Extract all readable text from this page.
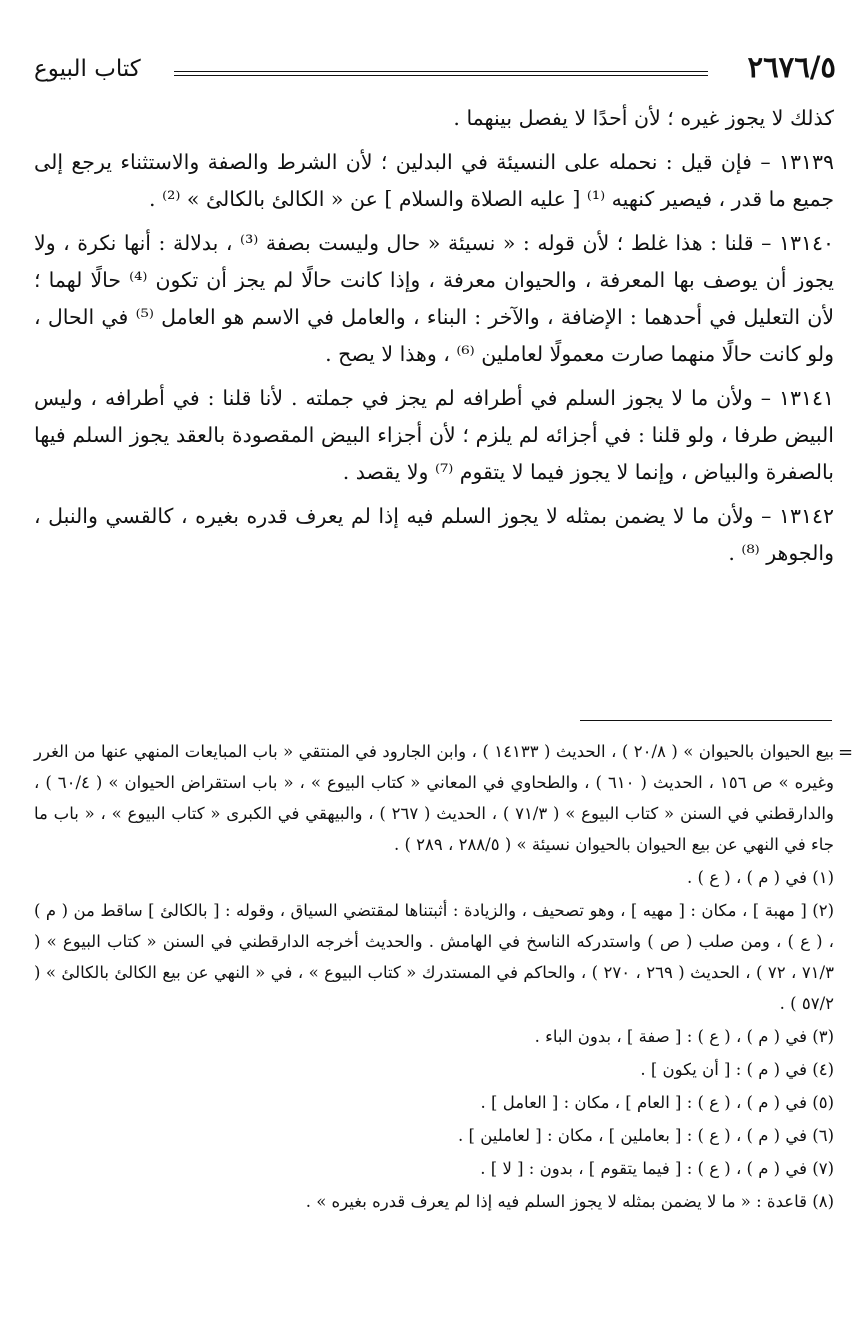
٢٦٧٦/٥
كتاب البيوع

كذلك لا يجوز غيره ؛ لأن أحدًا لا يفصل بينهما .

١٣١٣٩ – فإن قيل : نحمله على النسيئة في البدلين ؛ لأن الشرط والصفة والاستثناء يرجع إلى جميع ما قدر ، فيصير كنهيه ⁽¹⁾ [ عليه الصلاة والسلام ] عن « الكالئ بالكالئ » ⁽²⁾ .

١٣١٤٠ – قلنا : هذا غلط ؛ لأن قوله : « نسيئة « حال وليست بصفة ⁽³⁾ ، بدلالة : أنها نكرة ، ولا يجوز أن يوصف بها المعرفة ، والحيوان معرفة ، وإذا كانت حالًا لم يجز أن تكون ⁽⁴⁾ حالًا لهما ؛ لأن التعليل في أحدهما : الإضافة ، والآخر : البناء ، والعامل في الاسم هو العامل ⁽⁵⁾ في الحال ، ولو كانت حالًا منهما صارت معمولًا لعاملين ⁽⁶⁾ ، وهذا لا يصح .

١٣١٤١ – ولأن ما لا يجوز السلم في أطرافه لم يجز في جملته . لأنا قلنا : في أطرافه ، وليس البيض طرفا ، ولو قلنا : في أجزائه لم يلزم ؛ لأن أجزاء البيض المقصودة بالعقد يجوز السلم فيها بالصفرة والبياض ، وإنما لا يجوز فيما لا يتقوم ⁽⁷⁾ ولا يقصد .

١٣١٤٢ – ولأن ما لا يضمن بمثله لا يجوز السلم فيه إذا لم يعرف قدره بغيره ، كالقسي والنبل ، والجوهر ⁽⁸⁾ .

=

بيع الحيوان بالحيوان » ( ٢٠/٨ ) ، الحديث ( ١٤١٣٣ ) ، وابن الجارود في المنتقي « باب المبايعات المنهي عنها من الغرر وغيره » ص ١٥٦ ، الحديث ( ٦١٠ ) ، والطحاوي في المعاني « كتاب البيوع » ، « باب استقراض الحيوان » ( ٦٠/٤ ) ، والدارقطني في السنن « كتاب البيوع » ( ٧١/٣ ) ، الحديث ( ٢٦٧ ) ، والبيهقي في الكبرى « كتاب البيوع » ، « باب ما جاء في النهي عن بيع الحيوان بالحيوان نسيئة » ( ٢٨٨/٥ ، ٢٨٩ ) .

(١) في ( م ) ، ( ع ) .

(٢) [ مهبة ] ، مكان : [ مهيه ] ، وهو تصحيف ، والزيادة : أثبتناها لمقتضي السياق ، وقوله : [ بالكالئ ] ساقط من ( م ) ، ( ع ) ، ومن صلب ( ص ) واستدركه الناسخ في الهامش . والحديث أخرجه الدارقطني في السنن « كتاب البيوع » ( ٧١/٣ ، ٧٢ ) ، الحديث ( ٢٦٩ ، ٢٧٠ ) ، والحاكم في المستدرك « كتاب البيوع » ، في « النهي عن بيع الكالئ بالكالئ » ( ٥٧/٢ ) .

(٣) في ( م ) ، ( ع ) : [ صفة ] ، بدون الباء .

(٤) في ( م ) : [ أن يكون ] .

(٥) في ( م ) ، ( ع ) : [ العام ] ، مكان : [ العامل ] .

(٦) في ( م ) ، ( ع ) : [ بعاملين ] ، مكان : [ لعاملين ] .

(٧) في ( م ) ، ( ع ) : [ فيما يتقوم ] ، بدون : [ لا ] .

(٨) قاعدة : « ما لا يضمن بمثله لا يجوز السلم فيه إذا لم يعرف قدره بغيره » .
